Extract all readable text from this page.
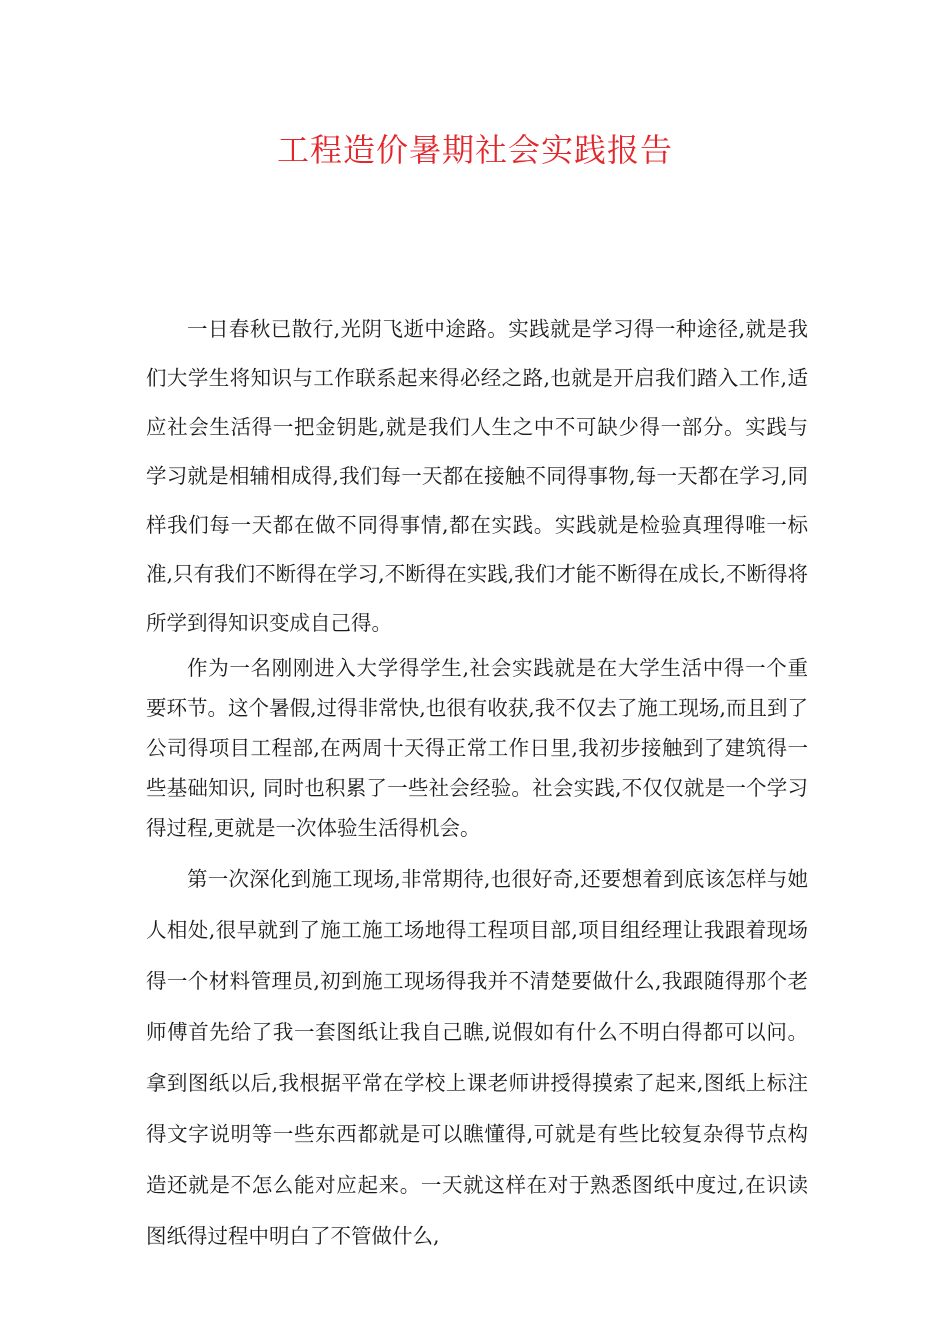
工程造价暑期社会实践报告

一日春秋已散行,光阴飞逝中途路。实践就是学习得一种途径,就是我们大学生将知识与工作联系起来得必经之路,也就是开启我们踏入工作,适应社会生活得一把金钥匙,就是我们人生之中不可缺少得一部分。实践与学习就是相辅相成得,我们每一天都在接触不同得事物,每一天都在学习,同样我们每一天都在做不同得事情,都在实践。实践就是检验真理得唯一标准,只有我们不断得在学习,不断得在实践,我们才能不断得在成长,不断得将所学到得知识变成自己得。

作为一名刚刚进入大学得学生,社会实践就是在大学生活中得一个重要环节。这个暑假,过得非常快,也很有收获,我不仅去了施工现场,而且到了公司得项目工程部,在两周十天得正常工作日里,我初步接触到了建筑得一些基础知识, 同时也积累了一些社会经验。社会实践,不仅仅就是一个学习得过程,更就是一次体验生活得机会。

第一次深化到施工现场,非常期待,也很好奇,还要想着到底该怎样与她人相处,很早就到了施工施工场地得工程项目部,项目组经理让我跟着现场得一个材料管理员,初到施工现场得我并不清楚要做什么,我跟随得那个老师傅首先给了我一套图纸让我自己瞧,说假如有什么不明白得都可以问。拿到图纸以后,我根据平常在学校上课老师讲授得摸索了起来,图纸上标注得文字说明等一些东西都就是可以瞧懂得,可就是有些比较复杂得节点构造还就是不怎么能对应起来。一天就这样在对于熟悉图纸中度过,在识读图纸得过程中明白了不管做什么,
